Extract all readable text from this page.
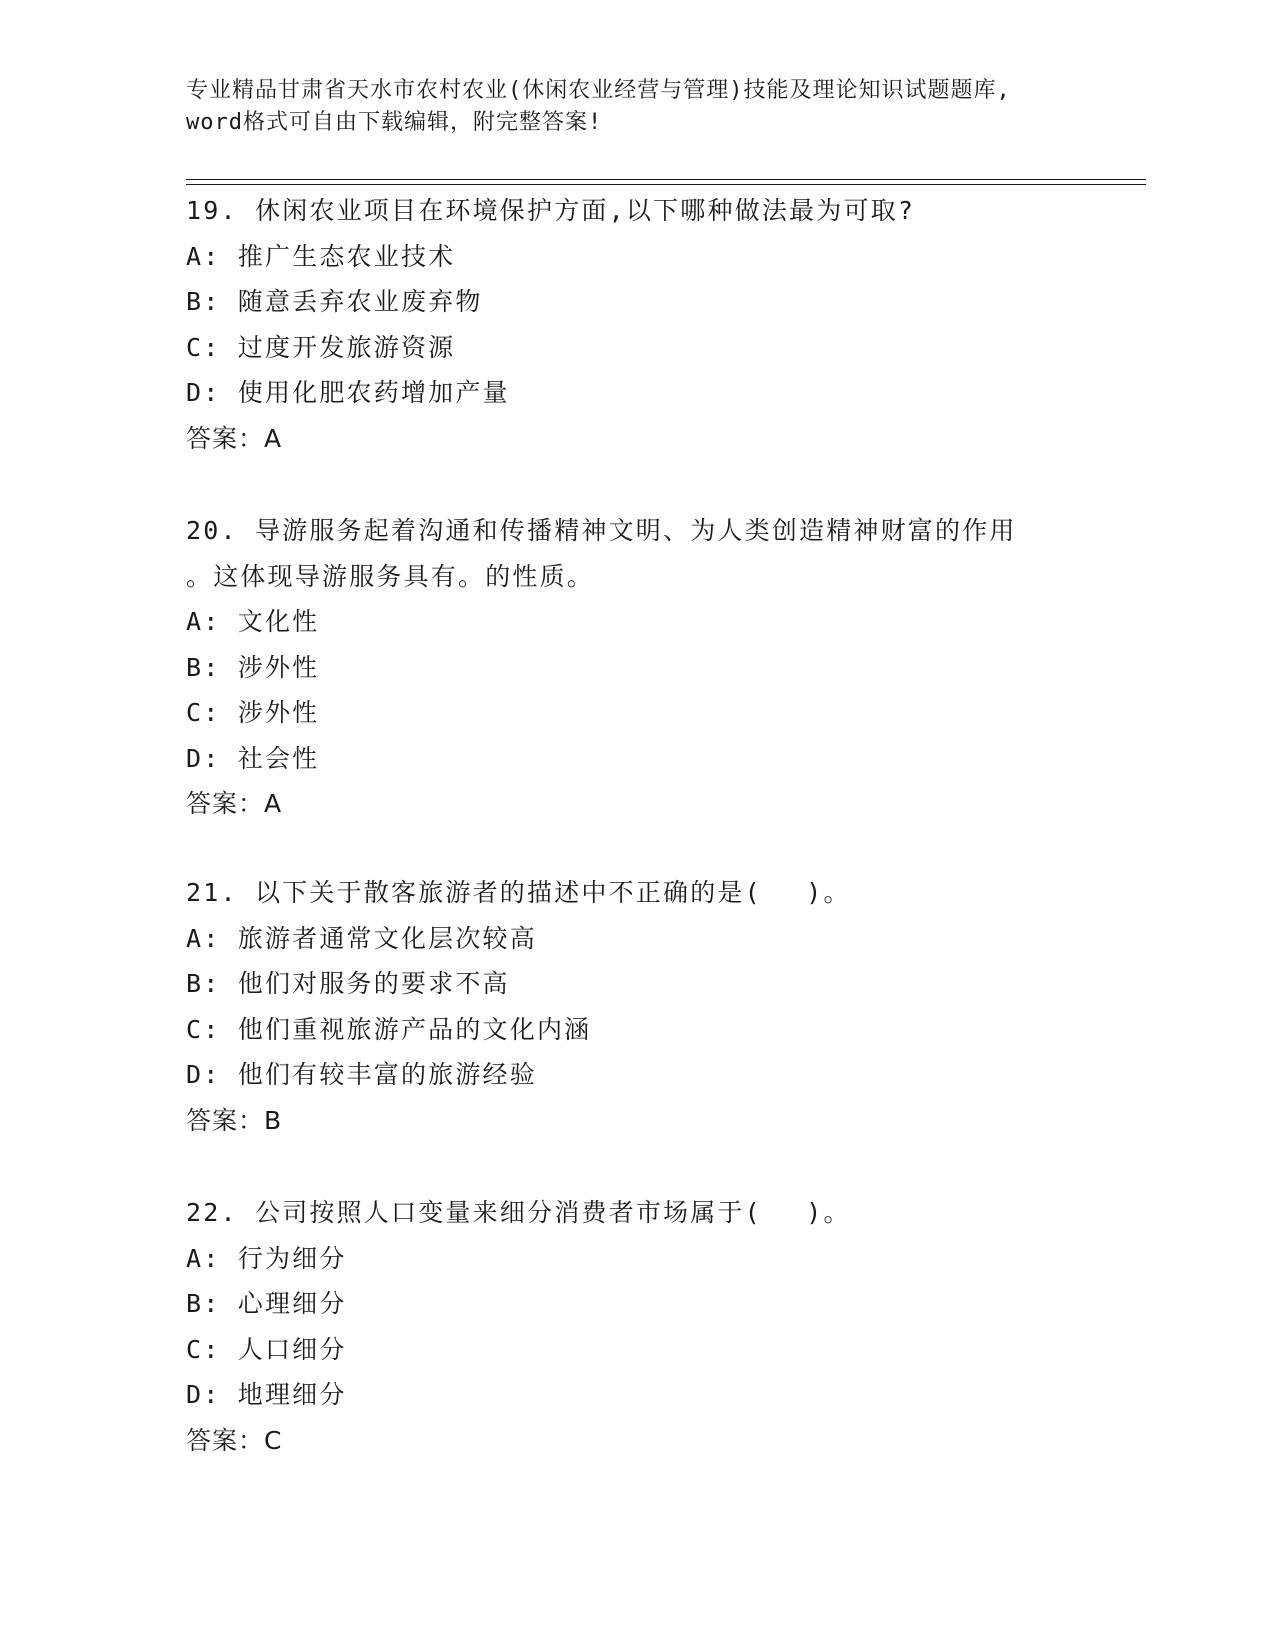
专业精品甘肃省天水市农村农业(休闲农业经营与管理)技能及理论知识试题题库,
word格式可自由下载编辑，附完整答案!
19. 休闲农业项目在环境保护方面,以下哪种做法最为可取?
A: 推广生态农业技术
B: 随意丢弃农业废弃物
C: 过度开发旅游资源
D: 使用化肥农药增加产量
答案：A
20. 导游服务起着沟通和传播精神文明、为人类创造精神财富的作用
。这体现导游服务具有。的性质。
A: 文化性
B: 涉外性
C: 涉外性
D: 社会性
答案：A
21. 以下关于散客旅游者的描述中不正确的是(　 )。
A: 旅游者通常文化层次较高
B: 他们对服务的要求不高
C: 他们重视旅游产品的文化内涵
D: 他们有较丰富的旅游经验
答案：B
22. 公司按照人口变量来细分消费者市场属于(　 )。
A: 行为细分
B: 心理细分
C: 人口细分
D: 地理细分
答案：C
